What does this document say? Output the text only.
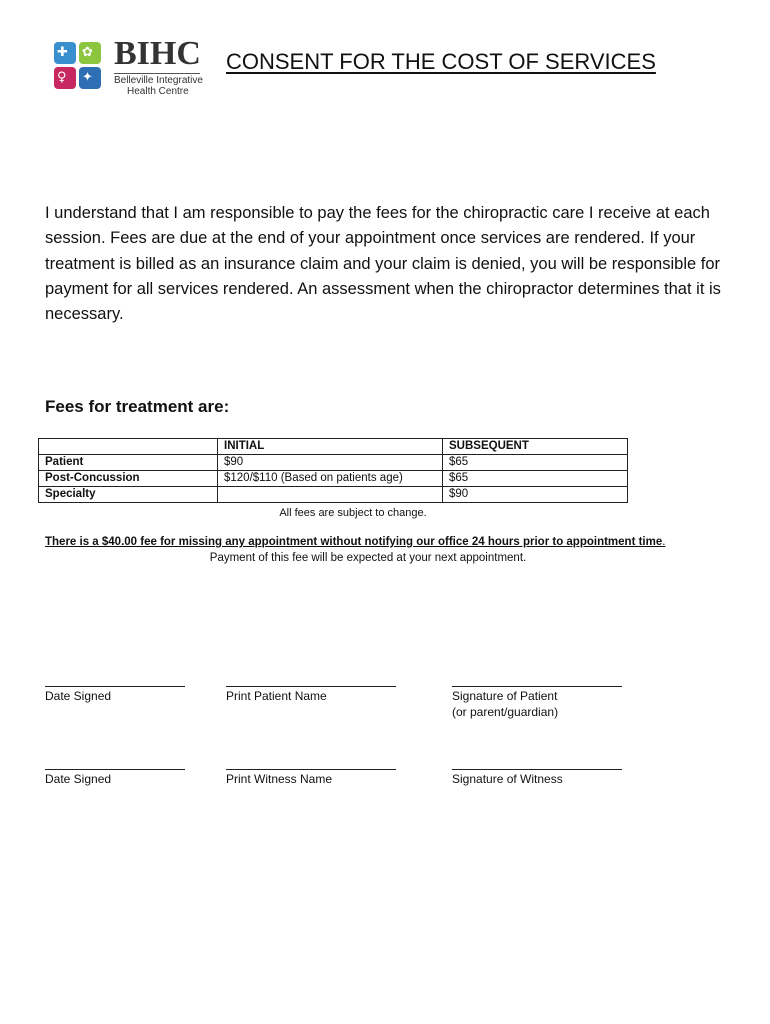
✚ ✿
♀ ✦
BIHC
Belleville Integrative
Health Centre
CONSENT FOR THE COST OF SERVICES
I understand that I am responsible to pay the fees for the chiropractic care I receive at each session. Fees are due at the end of your appointment once services are rendered. If your treatment is billed as an insurance claim and your claim is denied, you will be responsible for payment for all services rendered. An assessment when the chiropractor determines that it is necessary.
Fees for treatment are:
	INITIAL	SUBSEQUENT
Patient	$90	$65
Post-Concussion	$120/$110 (Based on patients age)	$65
Specialty		$90
All fees are subject to change.
There is a $40.00 fee for missing any appointment without notifying our office 24 hours prior to appointment time.
Payment of this fee will be expected at your next appointment.
Date Signed	Print Patient Name	Signature of Patient
(or parent/guardian)
Date Signed	Print Witness Name	Signature of Witness
